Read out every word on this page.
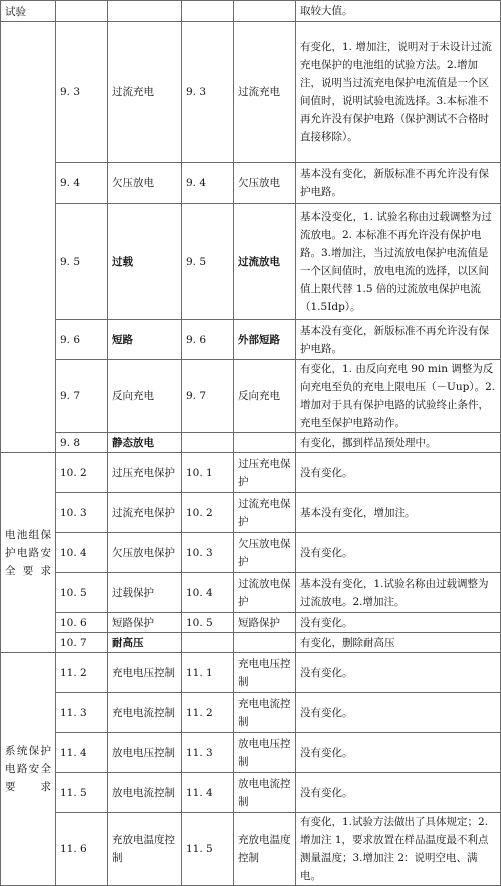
试验					取较大值。
	9. 3	过流充电	9. 3	过流充电	有变化，1. 增加注，说明对于未设计过流充电保护的电池组的试验方法。2.增加注，说明当过流充电保护电流值是一个区间值时，说明试验电流选择。3.本标准不再允许没有保护电路（保护测试不合格时直接移除）。
	9. 4	欠压放电	9. 4	欠压放电	基本没有变化，新版标准不再允许没有保护电路。
	9. 5	过载	9. 5	过流放电	基本没变化，1. 试验名称由过载调整为过流放电。2. 本标准不再允许没有保护电路。3.增加注，当过流放电保护电流值是一个区间值时，放电电流的选择，以区间值上限代替 1.5 倍的过流放电保护电流（1.5Idp）。
	9. 6	短路	9. 6	外部短路	基本没有变化，新版标准不再允许没有保护电路。
	9. 7	反向充电	9. 7	反向充电	有变化，1. 由反向充电 90 min 调整为反向充电至负的充电上限电压（－Uup）。2. 增加对于具有保护电路的试验终止条件，充电至保护电路动作。
	9. 8	静态放电			有变化，挪到样品预处理中。
电池组保护电路安全要求	10. 2	过压充电保护	10. 1	过压充电保护	没有变化。
	10. 3	过流充电保护	10. 2	过流充电保护	基本没有变化，增加注。
	10. 4	欠压放电保护	10. 3	欠压放电保护	没有变化。
	10. 5	过载保护	10. 4	过流放电保护	基本没有变化，1.试验名称由过载调整为过流放电。2.增加注。
	10. 6	短路保护	10. 5	短路保护	没有变化。
	10. 7	耐高压			有变化，删除耐高压
系统保护电路安全要求	11. 2	充电电压控制	11. 1	充电电压控制	没有变化。
	11. 3	充电电流控制	11. 2	充电电流控制	没有变化。
	11. 4	放电电压控制	11. 3	放电电压控制	没有变化。
	11. 5	放电电流控制	11. 4	放电电流控制	没有变化。
	11. 6	充放电温度控制	11. 5	充放电温度控制	有变化，1.试验方法做出了具体规定；2. 增加注 1，要求放置在样品温度最不利点测量温度；3.增加注 2：说明空电、满电。
